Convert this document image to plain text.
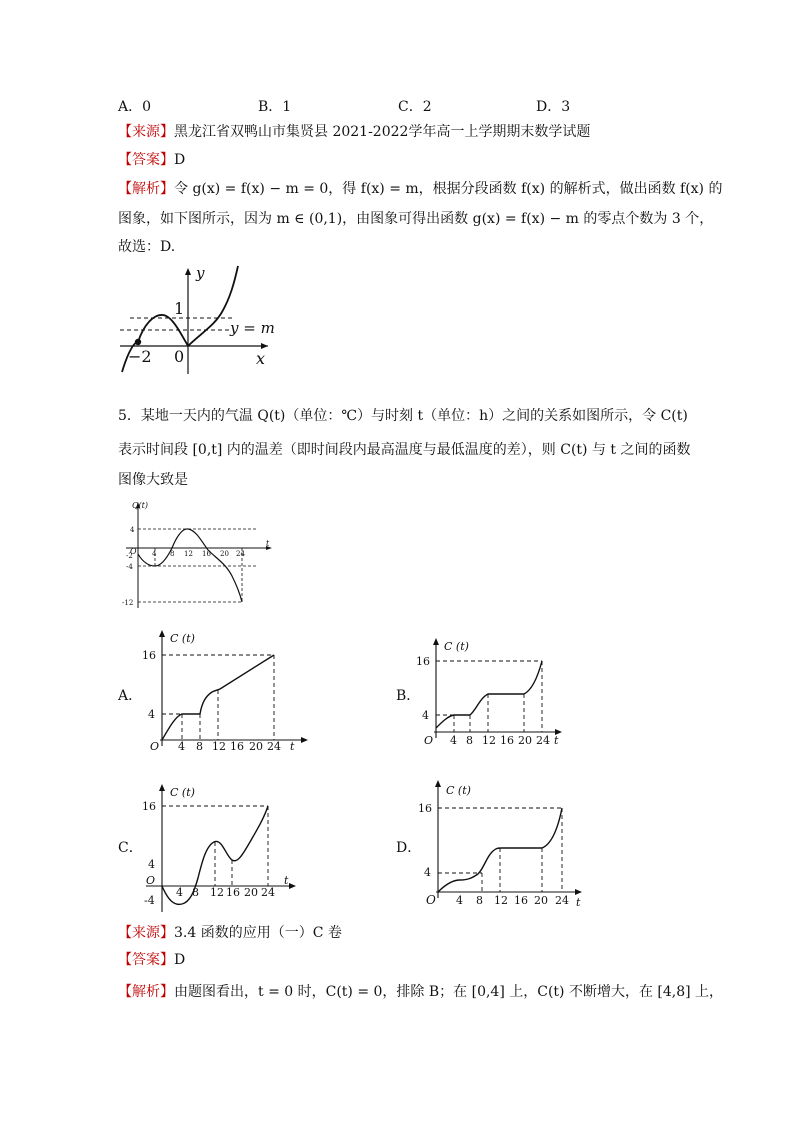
A．0	B．1	C．2	D．3
【来源】黑龙江省双鸭山市集贤县 2021-2022学年高一上学期期末数学试题
【答案】D
【解析】令 g(x) = f(x) − m = 0，得 f(x) = m，根据分段函数 f(x) 的解析式，做出函数 f(x) 的
图象，如下图所示，因为 m ∈ (0,1)，由图象可得出函数 g(x) = f(x) − m 的零点个数为 3 个，
故选：D.
y
x
1
y = m
−2 0
5．某地一天内的气温 Q(t)（单位：℃）与时刻 t（单位：h）之间的关系如图所示，令 C(t)
表示时间段 [0,t] 内的温差（即时间段内最高温度与最低温度的差），则 C(t) 与 t 之间的函数
图像大致是
Q(t)
t
O 4 8 12 16 20 24
4
-2
-4
-12
A．
C (t)
16
4
O 4 8 12 16 20 24 t
B．
C (t)
16
4
O 4 8 12 16 20 24 t
C．
C (t)
16
4
-4
O
4 8 12 16 20 24
t
D．
C (t)
16
4
O 4 8 12 16 20 24 t
【来源】3.4 函数的应用（一）C 卷
【答案】D
【解析】由题图看出，t = 0 时，C(t) = 0，排除 B；在 [0,4] 上，C(t) 不断增大，在 [4,8] 上，
